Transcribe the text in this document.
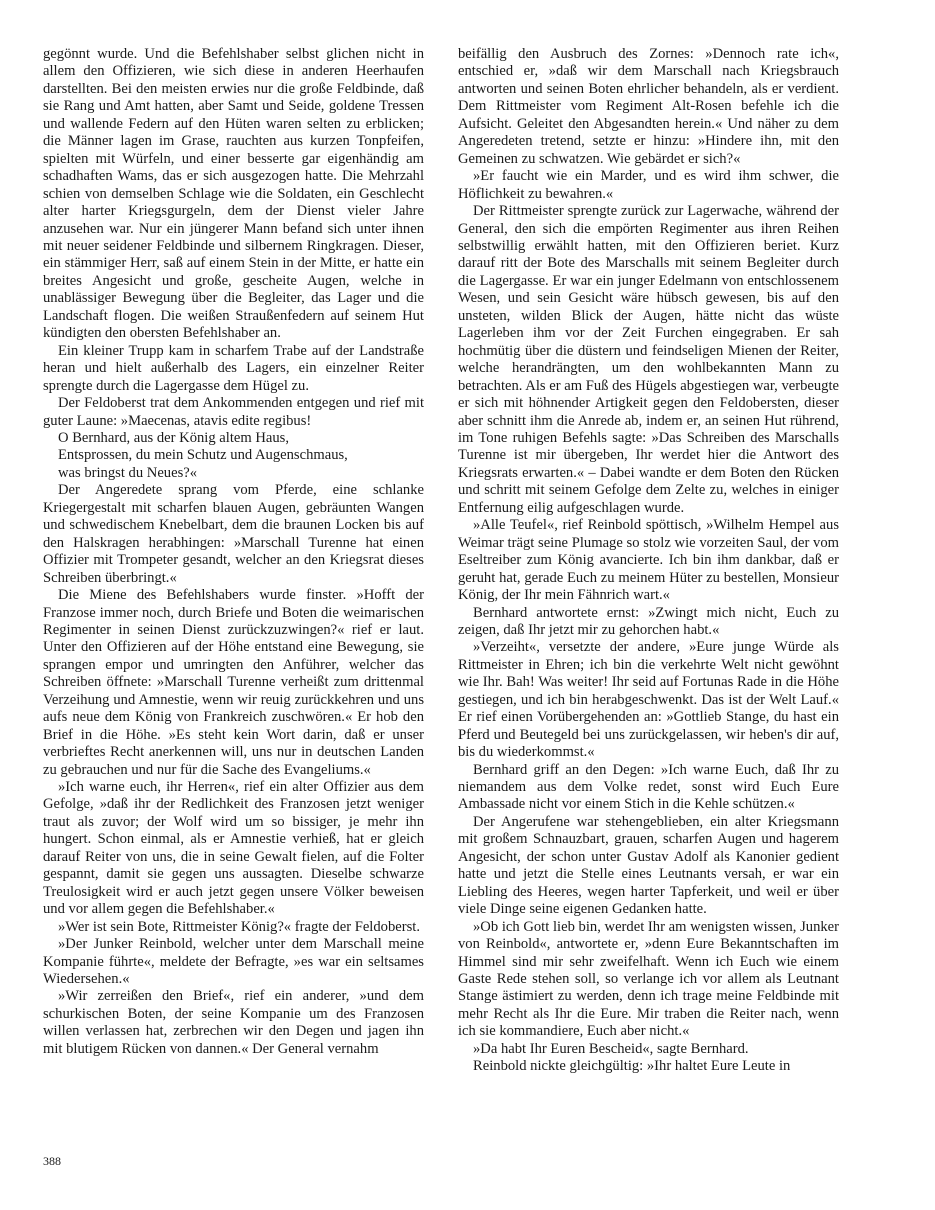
gegönnt wurde. Und die Befehlshaber selbst glichen nicht in allem den Offizieren, wie sich diese in anderen Heerhaufen darstellten. Bei den meisten erwies nur die große Feldbinde, daß sie Rang und Amt hatten, aber Samt und Seide, goldene Tressen und wallende Federn auf den Hüten waren selten zu erblicken; die Männer lagen im Grase, rauchten aus kurzen Tonpfeifen, spielten mit Würfeln, und einer besserte gar eigenhändig am schadhaften Wams, das er sich ausgezogen hatte. Die Mehrzahl schien von demselben Schlage wie die Soldaten, ein Geschlecht alter harter Kriegsgurgeln, dem der Dienst vieler Jahre anzusehen war. Nur ein jüngerer Mann befand sich unter ihnen mit neuer seidener Feldbinde und silbernem Ringkragen. Dieser, ein stämmiger Herr, saß auf einem Stein in der Mitte, er hatte ein breites Angesicht und große, gescheite Augen, welche in unablässiger Bewegung über die Begleiter, das Lager und die Landschaft flogen. Die weißen Straußenfedern auf seinem Hut kündigten den obersten Befehlshaber an.

Ein kleiner Trupp kam in scharfem Trabe auf der Landstraße heran und hielt außerhalb des Lagers, ein einzelner Reiter sprengte durch die Lagergasse dem Hügel zu.

Der Feldoberst trat dem Ankommenden entgegen und rief mit guter Laune: »Maecenas, atavis edite regibus!

O Bernhard, aus der König altem Haus,
Entsprossen, du mein Schutz und Augenschmaus,
was bringst du Neues?«

Der Angeredete sprang vom Pferde, eine schlanke Kriegergestalt mit scharfen blauen Augen, gebräunten Wangen und schwedischem Knebelbart, dem die braunen Locken bis auf den Halskragen herabhingen: »Marschall Turenne hat einen Offizier mit Trompeter gesandt, welcher an den Kriegsrat dieses Schreiben überbringt.«

Die Miene des Befehlshabers wurde finster. »Hofft der Franzose immer noch, durch Briefe und Boten die weimarischen Regimenter in seinen Dienst zurückzuzwingen?« rief er laut. Unter den Offizieren auf der Höhe entstand eine Bewegung, sie sprangen empor und umringten den Anführer, welcher das Schreiben öffnete: »Marschall Turenne verheißt zum drittenmal Verzeihung und Amnestie, wenn wir reuig zurückkehren und uns aufs neue dem König von Frankreich zuschwören.« Er hob den Brief in die Höhe. »Es steht kein Wort darin, daß er unser verbrieftes Recht anerkennen will, uns nur in deutschen Landen zu gebrauchen und nur für die Sache des Evangeliums.«

»Ich warne euch, ihr Herren«, rief ein alter Offizier aus dem Gefolge, »daß ihr der Redlichkeit des Franzosen jetzt weniger traut als zuvor; der Wolf wird um so bissiger, je mehr ihn hungert. Schon einmal, als er Amnestie verhieß, hat er gleich darauf Reiter von uns, die in seine Gewalt fielen, auf die Folter gespannt, damit sie gegen uns aussagten. Dieselbe schwarze Treulosigkeit wird er auch jetzt gegen unsere Völker beweisen und vor allem gegen die Befehlshaber.«

»Wer ist sein Bote, Rittmeister König?« fragte der Feldoberst.

»Der Junker Reinbold, welcher unter dem Marschall meine Kompanie führte«, meldete der Befragte, »es war ein seltsames Wiedersehen.«

»Wir zerreißen den Brief«, rief ein anderer, »und dem schurkischen Boten, der seine Kompanie um des Franzosen willen verlassen hat, zerbrechen wir den Degen und jagen ihn mit blutigem Rücken von dannen.« Der General vernahm

beifällig den Ausbruch des Zornes: »Dennoch rate ich«, entschied er, »daß wir dem Marschall nach Kriegsbrauch antworten und seinen Boten ehrlicher behandeln, als er verdient. Dem Rittmeister vom Regiment Alt-Rosen befehle ich die Aufsicht. Geleitet den Abgesandten herein.« Und näher zu dem Angeredeten tretend, setzte er hinzu: »Hindere ihn, mit den Gemeinen zu schwatzen. Wie gebärdet er sich?«

»Er faucht wie ein Marder, und es wird ihm schwer, die Höflichkeit zu bewahren.«

Der Rittmeister sprengte zurück zur Lagerwache, während der General, den sich die empörten Regimenter aus ihren Reihen selbstwillig erwählt hatten, mit den Offizieren beriet. Kurz darauf ritt der Bote des Marschalls mit seinem Begleiter durch die Lagergasse. Er war ein junger Edelmann von entschlossenem Wesen, und sein Gesicht wäre hübsch gewesen, bis auf den unsteten, wilden Blick der Augen, hätte nicht das wüste Lagerleben ihm vor der Zeit Furchen eingegraben. Er sah hochmütig über die düstern und feindseligen Mienen der Reiter, welche herandrängten, um den wohlbekannten Mann zu betrachten. Als er am Fuß des Hügels abgestiegen war, verbeugte er sich mit höhnender Artigkeit gegen den Feldobersten, dieser aber schnitt ihm die Anrede ab, indem er, an seinen Hut rührend, im Tone ruhigen Befehls sagte: »Das Schreiben des Marschalls Turenne ist mir übergeben, Ihr werdet hier die Antwort des Kriegsrats erwarten.« – Dabei wandte er dem Boten den Rücken und schritt mit seinem Gefolge dem Zelte zu, welches in einiger Entfernung eilig aufgeschlagen wurde.

»Alle Teufel«, rief Reinbold spöttisch, »Wilhelm Hempel aus Weimar trägt seine Plumage so stolz wie vorzeiten Saul, der vom Eseltreiber zum König avancierte. Ich bin ihm dankbar, daß er geruht hat, gerade Euch zu meinem Hüter zu bestellen, Monsieur König, der Ihr mein Fähnrich wart.«

Bernhard antwortete ernst: »Zwingt mich nicht, Euch zu zeigen, daß Ihr jetzt mir zu gehorchen habt.«

»Verzeiht«, versetzte der andere, »Eure junge Würde als Rittmeister in Ehren; ich bin die verkehrte Welt nicht gewöhnt wie Ihr. Bah! Was weiter! Ihr seid auf Fortunas Rade in die Höhe gestiegen, und ich bin herabgeschwenkt. Das ist der Welt Lauf.« Er rief einen Vorübergehenden an: »Gottlieb Stange, du hast ein Pferd und Beutegeld bei uns zurückgelassen, wir heben's dir auf, bis du wiederkommst.«

Bernhard griff an den Degen: »Ich warne Euch, daß Ihr zu niemandem aus dem Volke redet, sonst wird Euch Eure Ambassade nicht vor einem Stich in die Kehle schützen.«

Der Angerufene war stehengeblieben, ein alter Kriegsmann mit großem Schnauzbart, grauen, scharfen Augen und hagerem Angesicht, der schon unter Gustav Adolf als Kanonier gedient hatte und jetzt die Stelle eines Leutnants versah, er war ein Liebling des Heeres, wegen harter Tapferkeit, und weil er über viele Dinge seine eigenen Gedanken hatte.

»Ob ich Gott lieb bin, werdet Ihr am wenigsten wissen, Junker von Reinbold«, antwortete er, »denn Eure Bekanntschaften im Himmel sind mir sehr zweifelhaft. Wenn ich Euch wie einem Gaste Rede stehen soll, so verlange ich vor allem als Leutnant Stange ästimiert zu werden, denn ich trage meine Feldbinde mit mehr Recht als Ihr die Eure. Mir traben die Reiter nach, wenn ich sie kommandiere, Euch aber nicht.«

»Da habt Ihr Euren Bescheid«, sagte Bernhard.

Reinbold nickte gleichgültig: »Ihr haltet Eure Leute in

388
